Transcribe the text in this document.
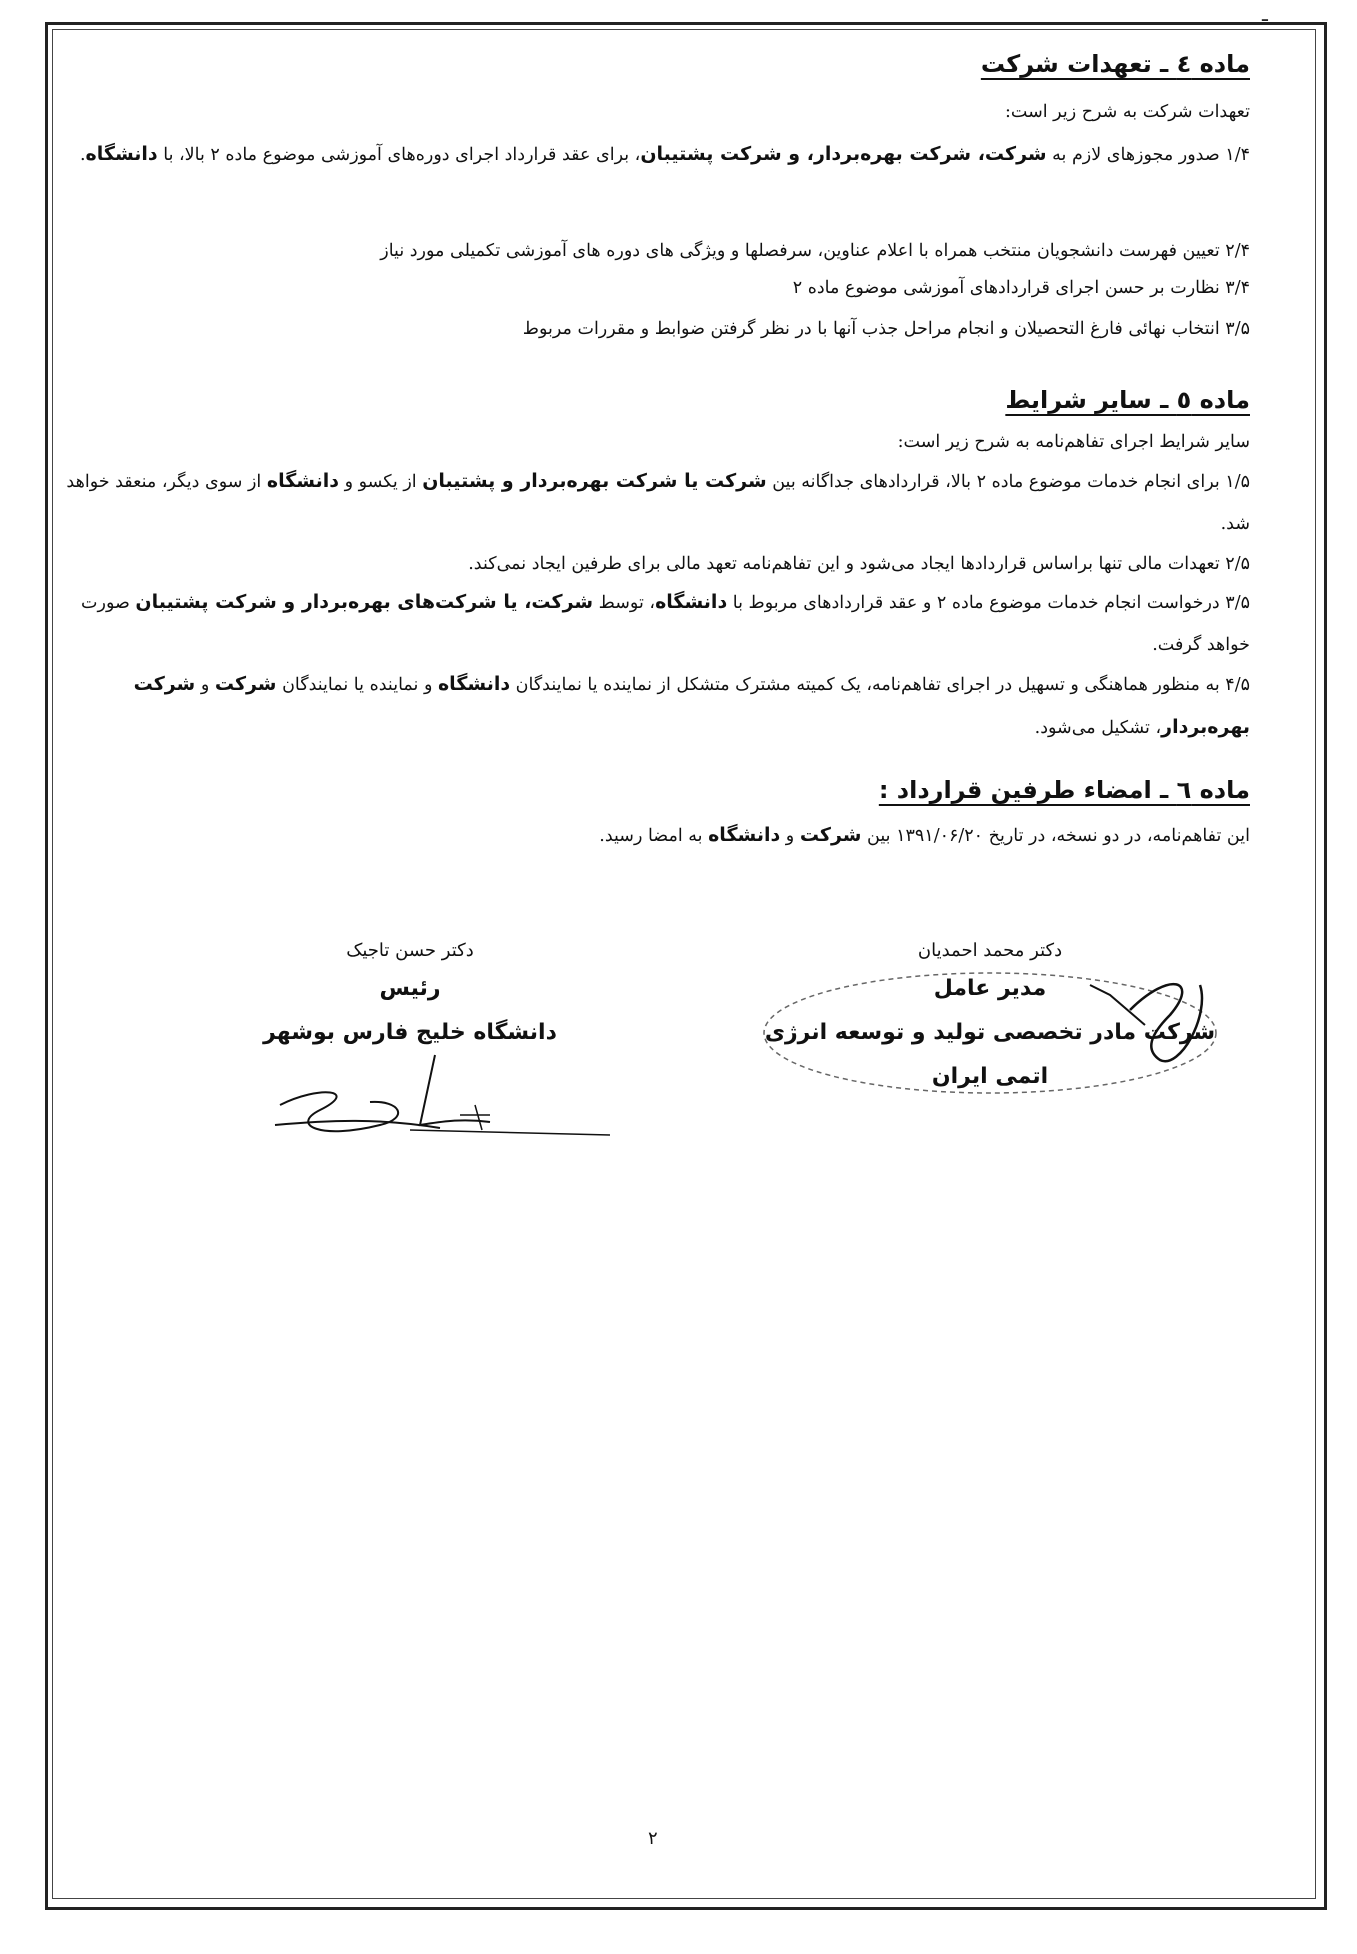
ـ
ماده ٤ ـ تعهدات شرکت
تعهدات شرکت به شرح زیر است:
۱/۴ صدور مجوزهای لازم به شرکت، شرکت بهره‌بردار، و شرکت پشتیبان، برای عقد قرارداد اجرای دوره‌های آموزشی موضوع ماده ۲ بالا، با دانشگاه.
۲/۴ تعیین فهرست دانشجویان منتخب همراه با اعلام عناوین، سرفصلها و ویژگی های دوره های آموزشی تکمیلی مورد نیاز
۳/۴ نظارت بر حسن اجرای قراردادهای آموزشی موضوع ماده ۲
۳/۵ انتخاب نهائی فارغ التحصیلان و انجام مراحل جذب آنها با در نظر گرفتن ضوابط و مقررات مربوط
ماده ٥ ـ سایر شرایط
سایر شرایط اجرای تفاهم‌نامه به شرح زیر است:
۱/۵ برای انجام خدمات موضوع ماده ۲ بالا، قراردادهای جداگانه بین شرکت یا شرکت بهره‌بردار و پشتیبان از یکسو و دانشگاه از سوی دیگر، منعقد خواهد شد.
۲/۵ تعهدات مالی تنها براساس قراردادها ایجاد می‌شود و این تفاهم‌نامه تعهد مالی برای طرفین ایجاد نمی‌کند.
۳/۵ درخواست انجام خدمات موضوع ماده ۲ و عقد قراردادهای مربوط با دانشگاه، توسط شرکت، یا شرکت‌های بهره‌بردار و شرکت پشتیبان صورت خواهد گرفت.
۴/۵ به منظور هماهنگی و تسهیل در اجرای تفاهم‌نامه، یک کمیته مشترک متشکل از نماینده یا نمایندگان دانشگاه و نماینده یا نمایندگان شرکت و شرکت بهره‌بردار، تشکیل می‌شود.
ماده ٦ ـ امضاء طرفین قرارداد :
این تفاهم‌نامه، در دو نسخه، در تاریخ ۱۳۹۱/۰۶/۲۰ بین شرکت و دانشگاه به امضا رسید.
دکتر محمد احمدیان
مدیر عامل
شرکت مادر تخصصی تولید و توسعه انرژی
اتمی ایران
دکتر حسن تاجیک
رئیس
دانشگاه خلیج فارس بوشهر
۲
